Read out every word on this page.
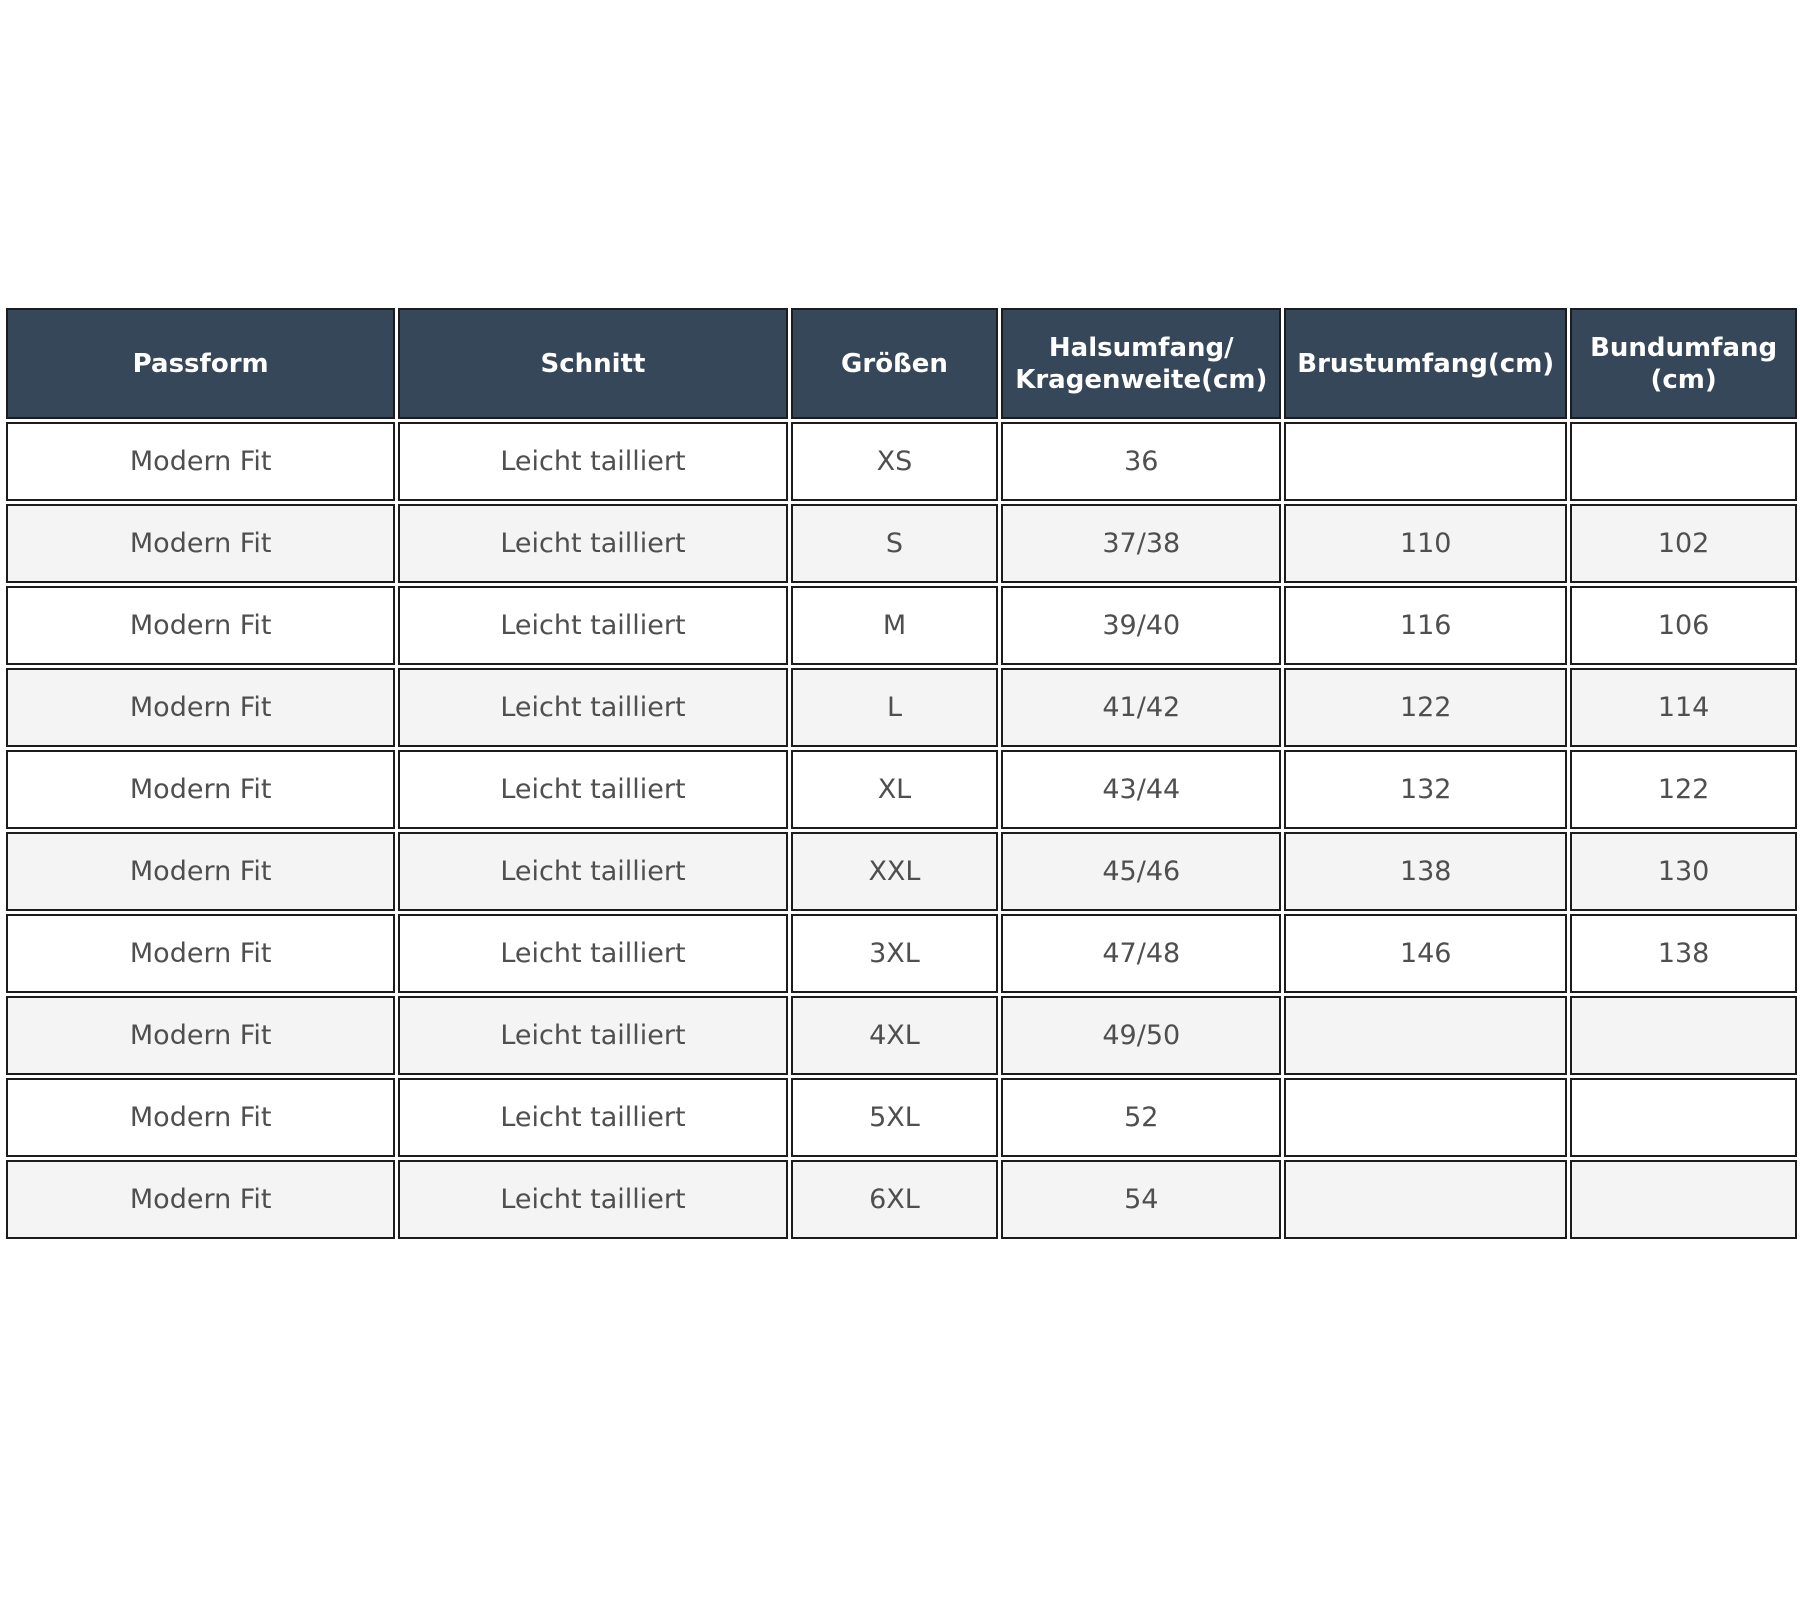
	Passform	Schnitt	Größen	Halsumfang/
Kragenweite(cm)	Brustumfang(cm)	Bundumfang
(cm)
	Modern Fit	Leicht tailliert	XS	36		
	Modern Fit	Leicht tailliert	S	37/38	110	102
	Modern Fit	Leicht tailliert	M	39/40	116	106
	Modern Fit	Leicht tailliert	L	41/42	122	114
	Modern Fit	Leicht tailliert	XL	43/44	132	122
	Modern Fit	Leicht tailliert	XXL	45/46	138	130
	Modern Fit	Leicht tailliert	3XL	47/48	146	138
	Modern Fit	Leicht tailliert	4XL	49/50		
	Modern Fit	Leicht tailliert	5XL	52		
	Modern Fit	Leicht tailliert	6XL	54		
